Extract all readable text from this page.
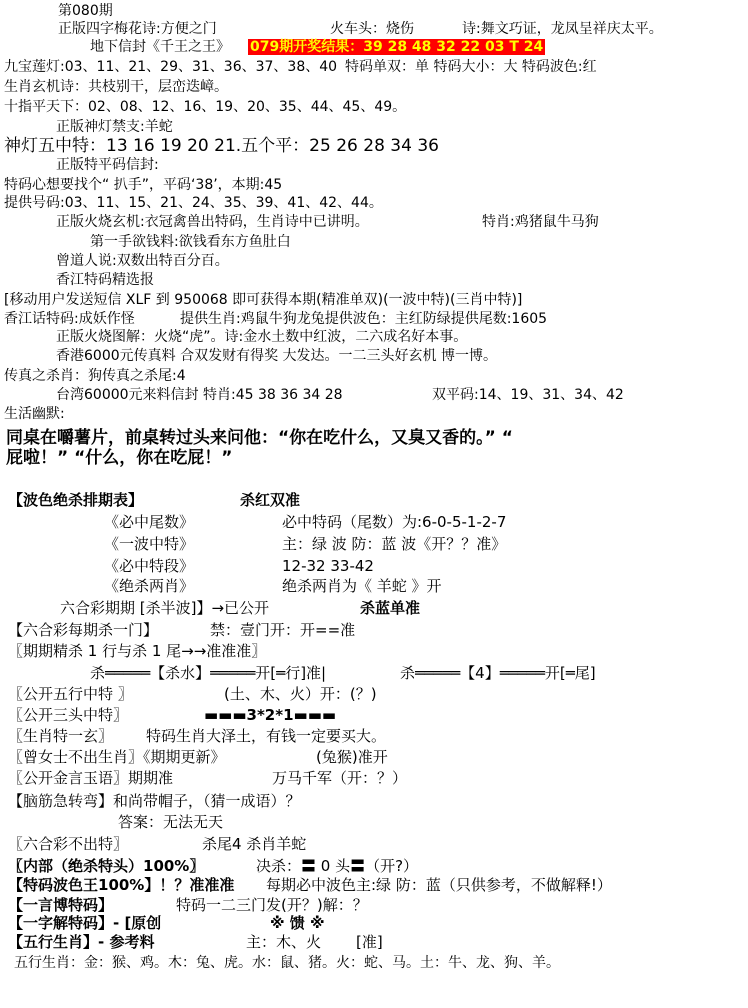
第080期
正版四字梅花诗:方便之门	火车头：烧伤	诗:舞文巧证，龙凤呈祥庆太平。
地下信封《千王之王》 079期开奖结果：39 28 48 32 22 03 T 24
九宝莲灯:03、11、21、29、31、36、37、38、40 特码单双：单 特码大小：大 特码波色:红
生肖玄机诗：共枝别干，层峦迭嶂。
十指平天下：02、08、12、16、19、20、35、44、45、49。
正版神灯禁支:羊蛇
神灯五中特：13 16 19 20 21.五个平：25 26 28 34 36
正版特平码信封:
特码心想要找个“ 扒手”，平码‘38’，本期:45
提供号码:03、11、15、21、24、35、39、41、42、44。
正版火烧玄机:衣冠禽兽出特码，生肖诗中已讲明。	特肖:鸡猪鼠牛马狗
第一手欲钱料:欲钱看东方鱼肚白
曾道人说:双数出特百分百。
香江特码精选报
[移动用户发送短信 XLF 到 950068 即可获得本期(精准单双)(一波中特)(三肖中特)]
香江话特码:成妖作怪	提供生肖:鸡鼠牛狗龙兔提供波色：主红防绿提供尾数:1605
正版火烧图解：火烧“虎”。诗:金水土数中红波，二六成名好本事。
香港6000元传真料 合双发财有得奖 大发达。一二三头好玄机 博一博。
传真之杀肖：狗传真之杀尾:4
台湾60000元来料信封 特肖:45 38 36 34 28	双平码:14、19、31、34、42
生活幽默:
同桌在嚼薯片，前桌转过头来问他：“你在吃什么，又臭又香的。” “
屁啦！” “什么，你在吃屁！”
【波色绝杀排期表】	杀红双准
《必中尾数》	必中特码（尾数）为:6-0-5-1-2-7
《一波中特》	主：绿 波 防：蓝 波《开？？准》
《必中特段》	12-32 33-42
《绝杀两肖》	绝杀两肖为《 羊蛇 》开
六合彩期期 [杀半波]】→已公开	杀蓝单准
【六合彩每期杀一门】	禁：壹门开：开==准
〖期期精杀 1 行与杀 1 尾→→准准准〗
杀═════【杀水】═════开[═行]准|	杀═════【4】═════开[═尾]
〖公开五行中特 〗	(土、木、火）开：(？)
〖公开三头中特〗	▬▬▬3*2*1▬▬▬
〖生肖特一玄〗 特码生肖大泽土，有钱一定要买大。
〖曾女士不出生肖〗《期期更新》	(兔猴)准开
〖公开金言玉语〗期期准	万马千军（开：？）
【脑筋急转弯】和尚带帽子，（猜一成语）？
答案：无法无天
〖六合彩不出特〗	杀尾4 杀肖羊蛇
〖内部（绝杀特头）100%〗	决杀：〓 0 头〓（开?）
【特码波色王100%】！？准准准 每期必中波色主:绿 防：蓝（只供参考，不做解释!）
【一言博特码】	特码一二三门发(开？)解：？
【一字解特码】- [原创	※ 馈 ※
【五行生肖】- 参考料	主：木、火 [准]
五行生肖：金：猴、鸡。木：兔、虎。水：鼠、猪。火：蛇、马。土：牛、龙、狗、羊。
